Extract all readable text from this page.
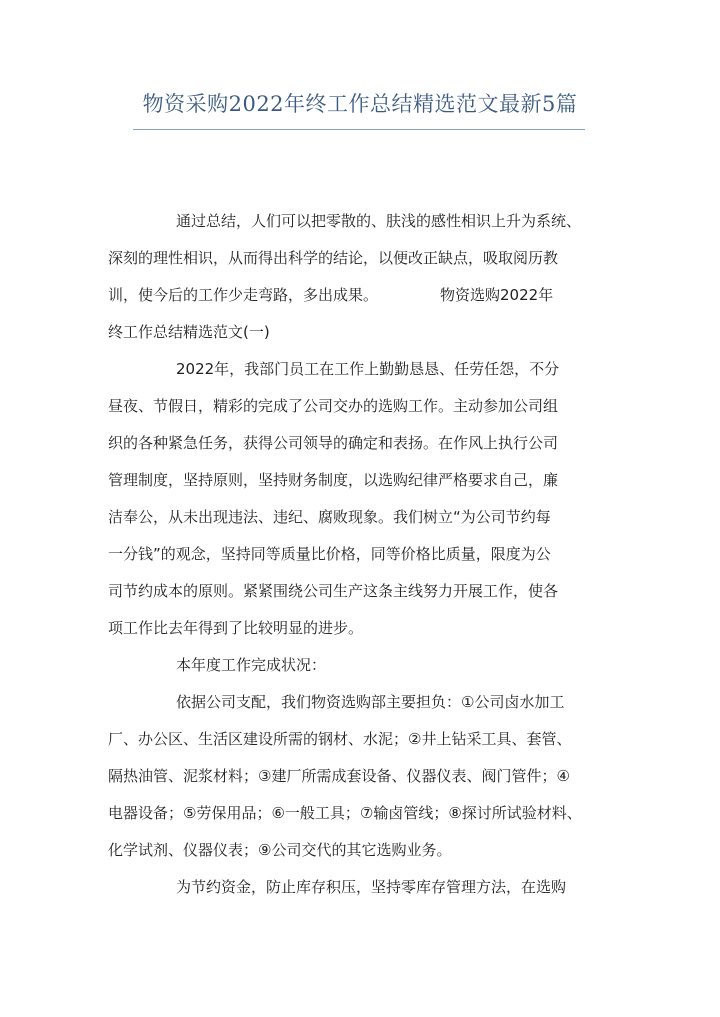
物资采购2022年终工作总结精选范文最新5篇
通过总结，人们可以把零散的、肤浅的感性相识上升为系统、
深刻的理性相识，从而得出科学的结论，以便改正缺点，吸取阅历教
训，使今后的工作少走弯路，多出成果。	物资选购2022年
终工作总结精选范文(一)
2022年，我部门员工在工作上勤勤恳恳、任劳任怨，不分
昼夜、节假日，精彩的完成了公司交办的选购工作。主动参加公司组
织的各种紧急任务，获得公司领导的确定和表扬。在作风上执行公司
管理制度，坚持原则，坚持财务制度，以选购纪律严格要求自己，廉
洁奉公，从未出现违法、违纪、腐败现象。我们树立“为公司节约每
一分钱”的观念，坚持同等质量比价格，同等价格比质量，限度为公
司节约成本的原则。紧紧围绕公司生产这条主线努力开展工作，使各
项工作比去年得到了比较明显的进步。
本年度工作完成状况：
依据公司支配，我们物资选购部主要担负：①公司卤水加工
厂、办公区、生活区建设所需的钢材、水泥；②井上钻采工具、套管、
隔热油管、泥浆材料；③建厂所需成套设备、仪器仪表、阀门管件；④
电器设备；⑤劳保用品；⑥一般工具；⑦输卤管线；⑧探讨所试验材料、
化学试剂、仪器仪表；⑨公司交代的其它选购业务。
为节约资金，防止库存积压，坚持零库存管理方法，在选购
